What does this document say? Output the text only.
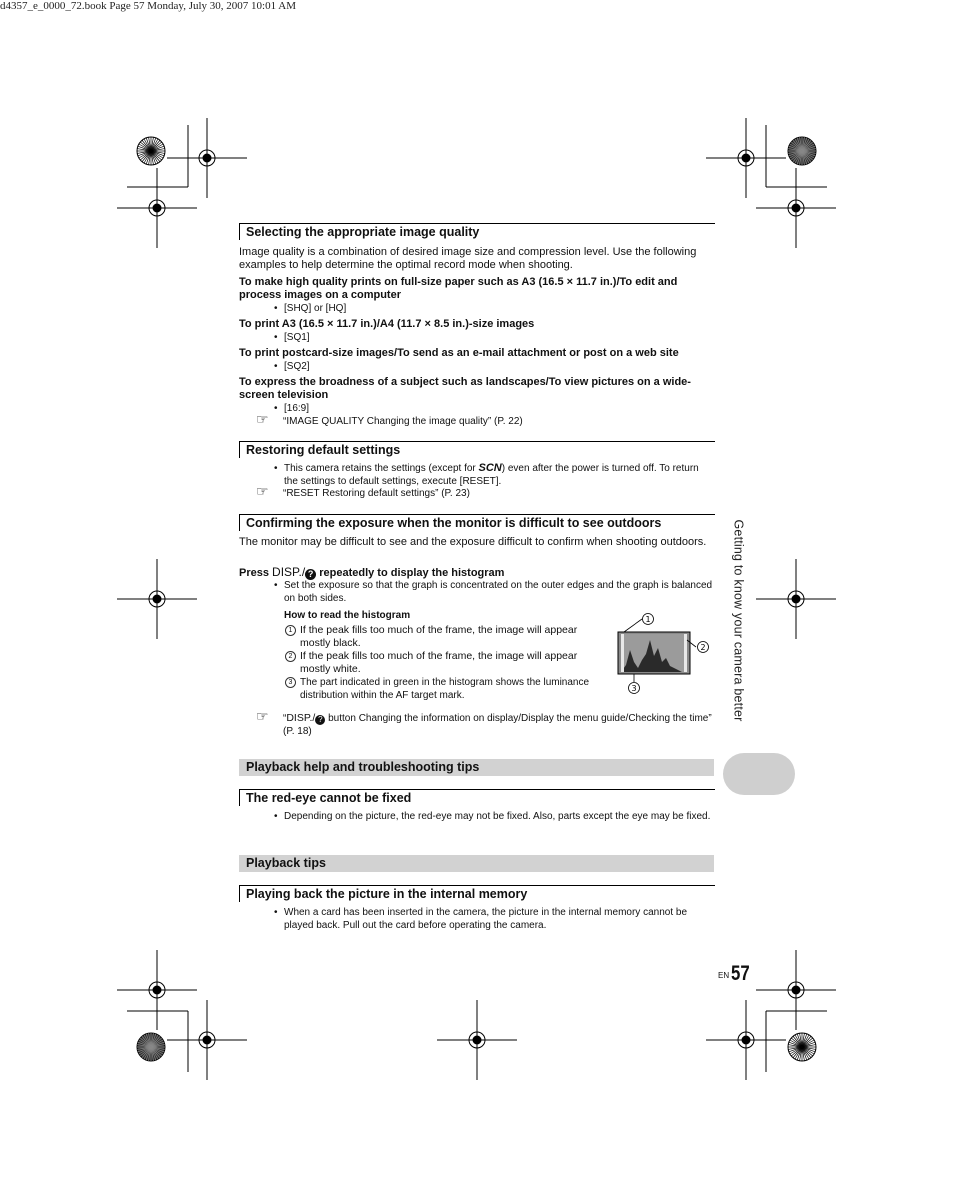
d4357_e_0000_72.book Page 57 Monday, July 30, 2007 10:01 AM
Selecting the appropriate image quality
Image quality is a combination of desired image size and compression level. Use the following examples to help determine the optimal record mode when shooting.
To make high quality prints on full-size paper such as A3 (16.5 × 11.7 in.)/To edit and process images on a computer
• [SHQ] or [HQ]
To print A3 (16.5 × 11.7 in.)/A4 (11.7 × 8.5 in.)-size images
• [SQ1]
To print postcard-size images/To send as an e-mail attachment or post on a web site
• [SQ2]
To express the broadness of a subject such as landscapes/To view pictures on a wide-screen television
• [16:9]
☞ “IMAGE QUALITY Changing the image quality” (P. 22)
Restoring default settings
• This camera retains the settings (except for SCN) even after the power is turned off. To return the settings to default settings, execute [RESET].
☞ “RESET Restoring default settings” (P. 23)
Confirming the exposure when the monitor is difficult to see outdoors
The monitor may be difficult to see and the exposure difficult to confirm when shooting outdoors.
Press DISP./ ? repeatedly to display the histogram
• Set the exposure so that the graph is concentrated on the outer edges and the graph is balanced on both sides.
How to read the histogram
1 If the peak fills too much of the frame, the image will appear mostly black.
2 If the peak fills too much of the frame, the image will appear mostly white.
3 The part indicated in green in the histogram shows the luminance distribution within the AF target mark.
1
2
3
☞ “DISP./ ? button Changing the information on display/Display the menu guide/Checking the time” (P. 18)
Playback help and troubleshooting tips
The red-eye cannot be fixed
• Depending on the picture, the red-eye may not be fixed. Also, parts except the eye may be fixed.
Playback tips
Playing back the picture in the internal memory
• When a card has been inserted in the camera, the picture in the internal memory cannot be played back. Pull out the card before operating the camera.
Getting to know your camera better
EN 57
